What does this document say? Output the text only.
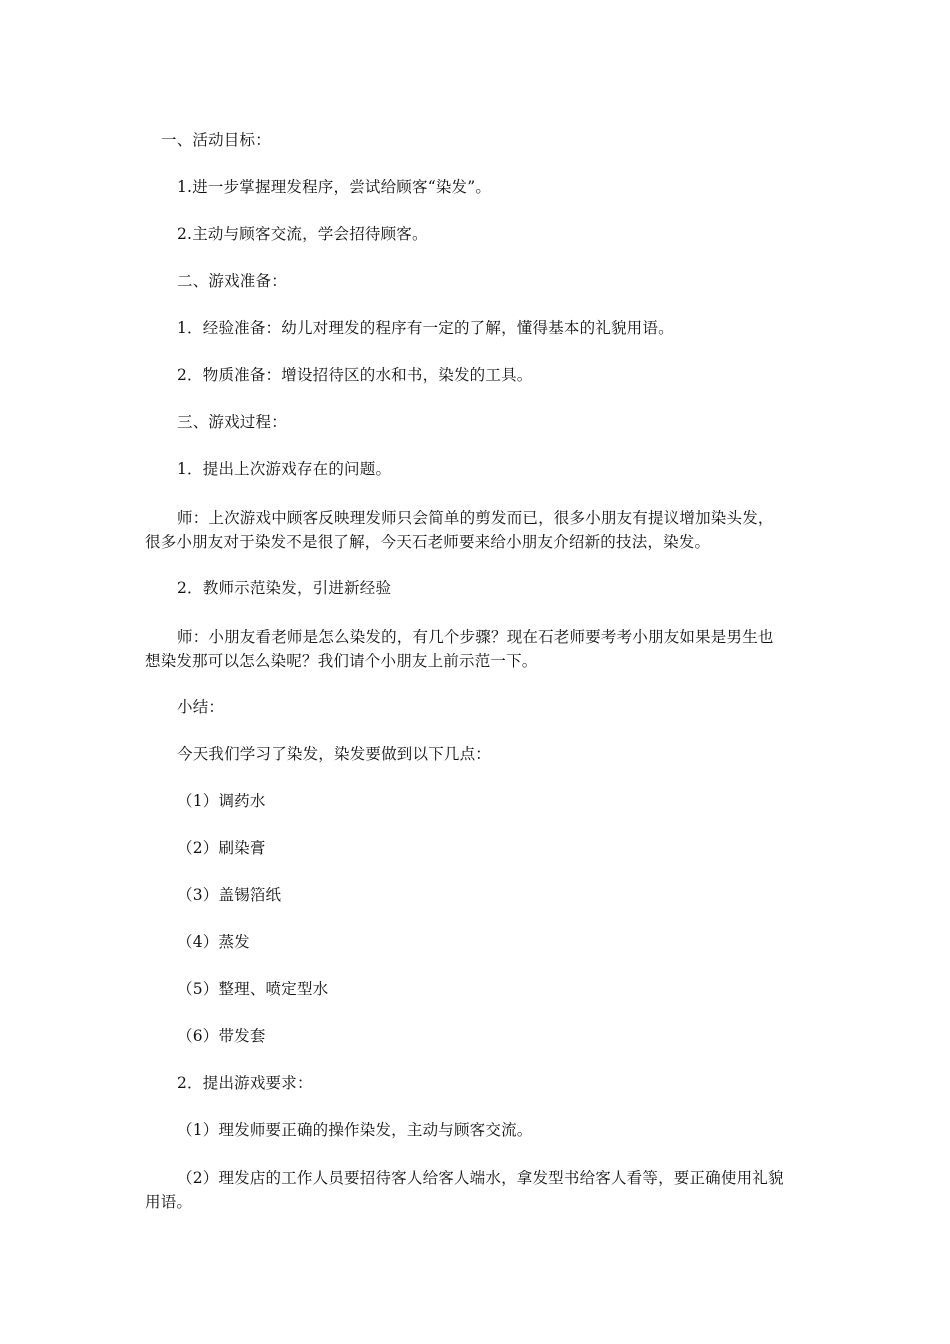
一、活动目标：
1.进一步掌握理发程序，尝试给顾客“染发”。
2.主动与顾客交流，学会招待顾客。
二、游戏准备：
1．经验准备：幼儿对理发的程序有一定的了解，懂得基本的礼貌用语。
2．物质准备：增设招待区的水和书，染发的工具。
三、游戏过程：
1．提出上次游戏存在的问题。
师：上次游戏中顾客反映理发师只会简单的剪发而已，很多小朋友有提议增加染头发，
很多小朋友对于染发不是很了解，今天石老师要来给小朋友介绍新的技法，染发。
2．教师示范染发，引进新经验
师：小朋友看老师是怎么染发的，有几个步骤？现在石老师要考考小朋友如果是男生也
想染发那可以怎么染呢？我们请个小朋友上前示范一下。
小结：
今天我们学习了染发，染发要做到以下几点：
（1）调药水
（2）刷染膏
（3）盖锡箔纸
（4）蒸发
（5）整理、喷定型水
（6）带发套
2．提出游戏要求：
（1）理发师要正确的操作染发，主动与顾客交流。
（2）理发店的工作人员要招待客人给客人端水，拿发型书给客人看等，要正确使用礼貌
用语。
